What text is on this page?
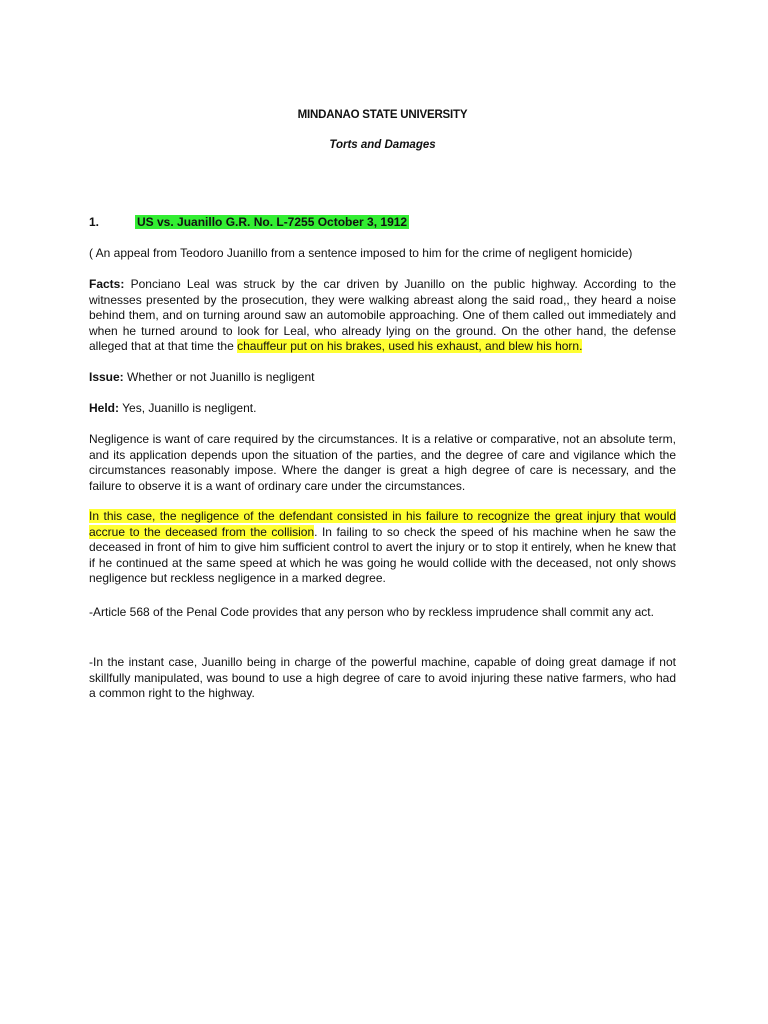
MINDANAO STATE UNIVERSITY
Torts and Damages
1.	US vs. Juanillo G.R. No. L-7255 October 3, 1912
( An appeal from Teodoro Juanillo from a sentence imposed to him for the crime of negligent homicide)
Facts: Ponciano Leal was struck by the car driven by Juanillo on the public highway. According to the witnesses presented by the prosecution, they were walking abreast along the said road,, they heard a noise behind them, and on turning around saw an automobile approaching. One of them called out immediately and when he turned around to look for Leal, who already lying on the ground. On the other hand, the defense alleged that at that time the chauffeur put on his brakes, used his exhaust, and blew his horn.
Issue: Whether or not Juanillo is negligent
Held: Yes, Juanillo is negligent.
Negligence is want of care required by the circumstances. It is a relative or comparative, not an absolute term, and its application depends upon the situation of the parties, and the degree of care and vigilance which the circumstances reasonably impose. Where the danger is great a high degree of care is necessary, and the failure to observe it is a want of ordinary care under the circumstances.
In this case, the negligence of the defendant consisted in his failure to recognize the great injury that would accrue to the deceased from the collision. In failing to so check the speed of his machine when he saw the deceased in front of him to give him sufficient control to avert the injury or to stop it entirely, when he knew that if he continued at the same speed at which he was going he would collide with the deceased, not only shows negligence but reckless negligence in a marked degree.
-Article 568 of the Penal Code provides that any person who by reckless imprudence shall commit any act.
-In the instant case, Juanillo being in charge of the powerful machine, capable of doing great damage if not skillfully manipulated, was bound to use a high degree of care to avoid injuring these native farmers, who had a common right to the highway.
